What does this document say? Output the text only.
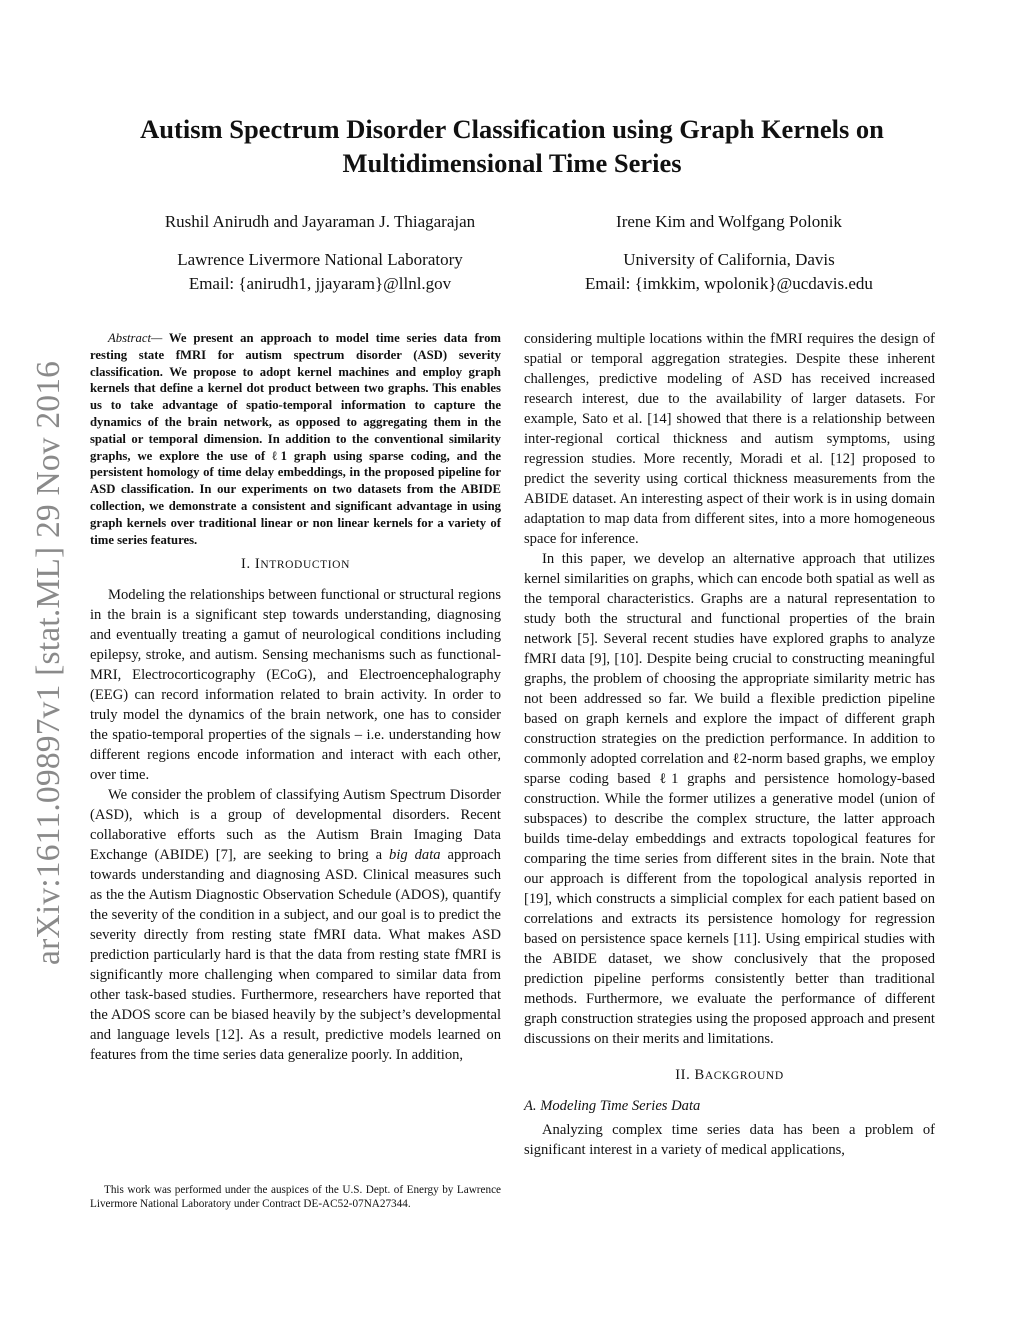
arXiv:1611.09897v1 [stat.ML] 29 Nov 2016
Autism Spectrum Disorder Classification using Graph Kernels on Multidimensional Time Series
Rushil Anirudh and Jayaraman J. Thiagarajan
Lawrence Livermore National Laboratory
Email: {anirudh1, jjayaram}@llnl.gov
Irene Kim and Wolfgang Polonik
University of California, Davis
Email: {imkkim, wpolonik}@ucdavis.edu

Abstract— We present an approach to model time series data from resting state fMRI for autism spectrum disorder (ASD) severity classification. We propose to adopt kernel machines and employ graph kernels that define a kernel dot product between two graphs. This enables us to take advantage of spatio-temporal information to capture the dynamics of the brain network, as opposed to aggregating them in the spatial or temporal dimension. In addition to the conventional similarity graphs, we explore the use of ℓ1 graph using sparse coding, and the persistent homology of time delay embeddings, in the proposed pipeline for ASD classification. In our experiments on two datasets from the ABIDE collection, we demonstrate a consistent and significant advantage in using graph kernels over traditional linear or non linear kernels for a variety of time series features.

I. INTRODUCTION

Modeling the relationships between functional or structural regions in the brain is a significant step towards understanding, diagnosing and eventually treating a gamut of neurological conditions including epilepsy, stroke, and autism. Sensing mechanisms such as functional-MRI, Electrocorticography (ECoG), and Electroencephalography (EEG) can record information related to brain activity. In order to truly model the dynamics of the brain network, one has to consider the spatio-temporal properties of the signals – i.e. understanding how different regions encode information and interact with each other, over time.

We consider the problem of classifying Autism Spectrum Disorder (ASD), which is a group of developmental disorders. Recent collaborative efforts such as the Autism Brain Imaging Data Exchange (ABIDE) [7], are seeking to bring a big data approach towards understanding and diagnosing ASD. Clinical measures such as the the Autism Diagnostic Observation Schedule (ADOS), quantify the severity of the condition in a subject, and our goal is to predict the severity directly from resting state fMRI data. What makes ASD prediction particularly hard is that the data from resting state fMRI is significantly more challenging when compared to similar data from other task-based studies. Furthermore, researchers have reported that the ADOS score can be biased heavily by the subject’s developmental and language levels [12]. As a result, predictive models learned on features from the time series data generalize poorly. In addition,

This work was performed under the auspices of the U.S. Dept. of Energy by Lawrence Livermore National Laboratory under Contract DE-AC52-07NA27344.

considering multiple locations within the fMRI requires the design of spatial or temporal aggregation strategies. Despite these inherent challenges, predictive modeling of ASD has received increased research interest, due to the availability of larger datasets. For example, Sato et al. [14] showed that there is a relationship between inter-regional cortical thickness and autism symptoms, using regression studies. More recently, Moradi et al. [12] proposed to predict the severity using cortical thickness measurements from the ABIDE dataset. An interesting aspect of their work is in using domain adaptation to map data from different sites, into a more homogeneous space for inference.

In this paper, we develop an alternative approach that utilizes kernel similarities on graphs, which can encode both spatial as well as the temporal characteristics. Graphs are a natural representation to study both the structural and functional properties of the brain network [5]. Several recent studies have explored graphs to analyze fMRI data [9], [10]. Despite being crucial to constructing meaningful graphs, the problem of choosing the appropriate similarity metric has not been addressed so far. We build a flexible prediction pipeline based on graph kernels and explore the impact of different graph construction strategies on the prediction performance. In addition to commonly adopted correlation and ℓ2-norm based graphs, we employ sparse coding based ℓ1 graphs and persistence homology-based construction. While the former utilizes a generative model (union of subspaces) to describe the complex structure, the latter approach builds time-delay embeddings and extracts topological features for comparing the time series from different sites in the brain. Note that our approach is different from the topological analysis reported in [19], which constructs a simplicial complex for each patient based on correlations and extracts its persistence homology for regression based on persistence space kernels [11]. Using empirical studies with the ABIDE dataset, we show conclusively that the proposed prediction pipeline performs consistently better than traditional methods. Furthermore, we evaluate the performance of different graph construction strategies using the proposed approach and present discussions on their merits and limitations.

II. BACKGROUND
A. Modeling Time Series Data

Analyzing complex time series data has been a problem of significant interest in a variety of medical applications,
